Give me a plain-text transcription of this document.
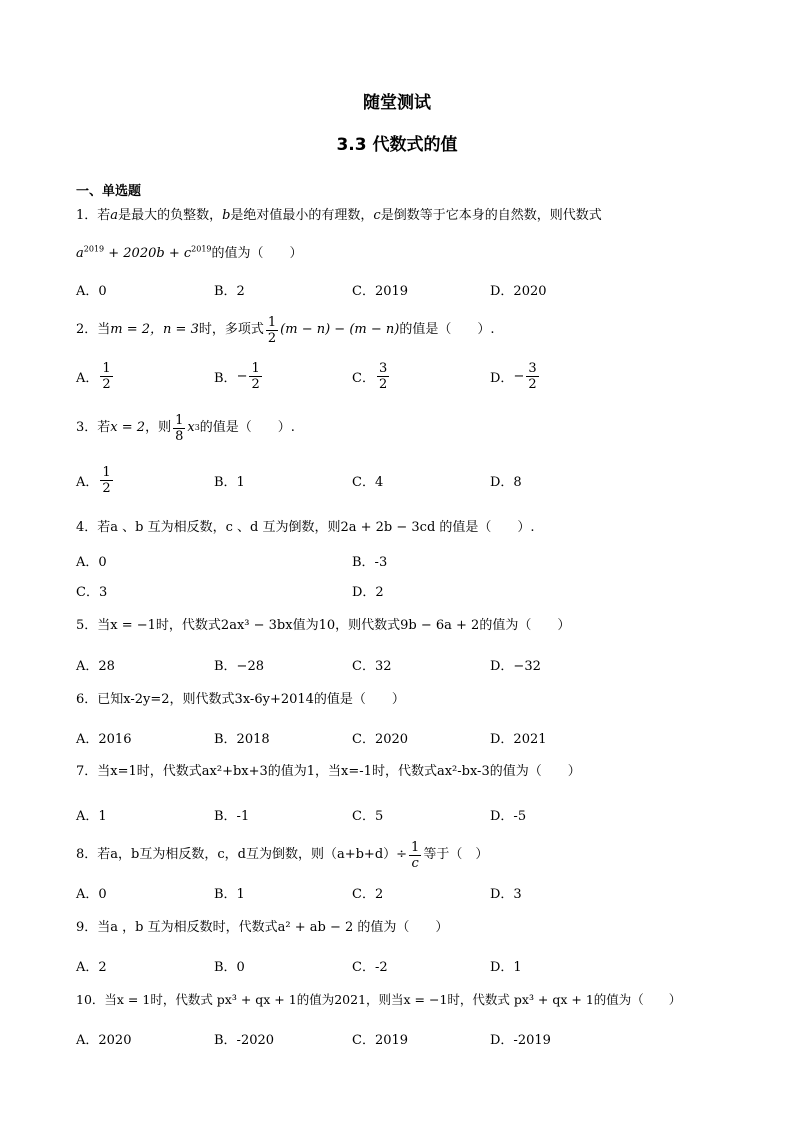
随堂测试
3.3 代数式的值
一、单选题
1．若a是最大的负整数，b是绝对值最小的有理数，c是倒数等于它本身的自然数，则代数式
$a^{2019} + 2020b + c^{2019}$的值为（　　）
A．0	B．2	C．2019	D．2020
2． 当 m = 2，n = 3 时，多项式 $\frac{1}{2} (m - n) - (m - n)$ 的值是（　　）.
A． $\frac{1}{2}$	B． − $\frac{1}{2}$	C． $\frac{3}{2}$	D． − $\frac{3}{2}$
3． 若 x = 2 ，则 $\frac{1}{8}$ x 3 的值是（　　）.
A． $\frac{1}{2}$	B．1	C．4	D．8
4．若a 、b 互为相反数，c 、d 互为倒数，则2a + 2b − 3cd 的值是（　　）.
A．0	B．-3
C．3	D．2
5．当x = −1时，代数式2ax³ − 3bx值为10，则代数式9b − 6a + 2的值为（　　）
A．28	B．−28	C．32	D．−32
6．已知x-2y=2，则代数式3x-6y+2014的值是（　　）
A．2016	B．2018	C．2020	D．2021
7．当x=1时，代数式ax²+bx+3的值为1，当x=-1时，代数式ax²-bx-3的值为（　　）
A．1	B．-1	C．5	D．-5
8． 若a，b互为相反数，c，d互为倒数，则$(a+b+d)\div \frac{1}{c}$ 等于（　）
A．0	B．1	C．2	D．3
9．当a ，b 互为相反数时，代数式a² + ab − 2 的值为（　　）
A．2	B．0	C．-2	D．1
10．当x = 1时，代数式 px³ + qx + 1的值为2021，则当x = −1时，代数式 px³ + qx + 1的值为（　　）
A．2020	B．-2020	C．2019	D．-2019
